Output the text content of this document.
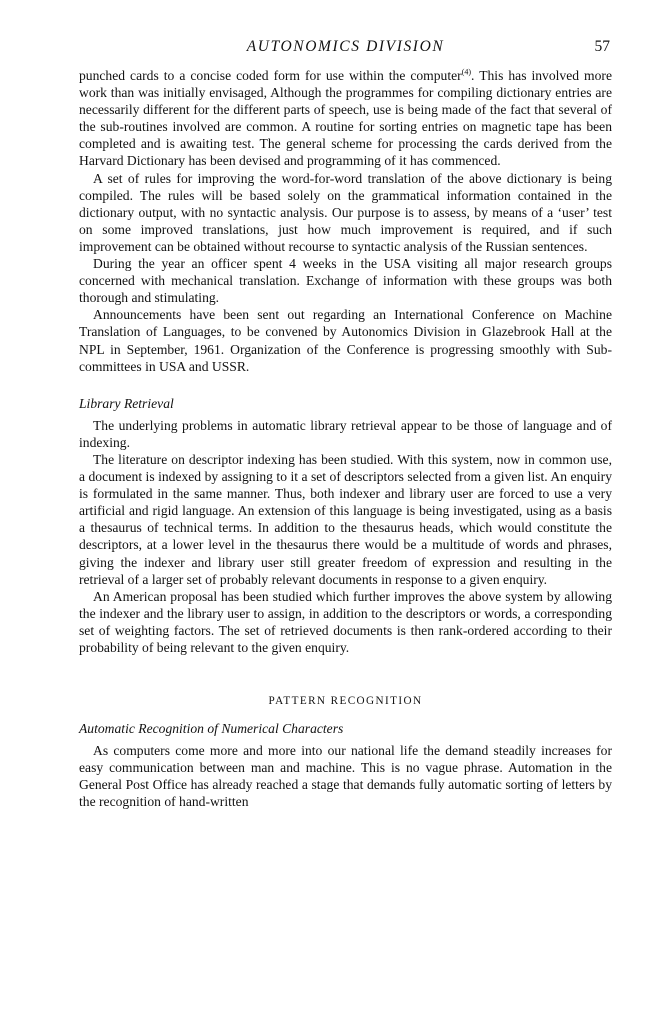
AUTONOMICS DIVISION	57

punched cards to a concise coded form for use within the computer$^{(4)}$. This has involved more work than was initially envisaged, Although the programmes for compiling dictionary entries are necessarily different for the different parts of speech, use is being made of the fact that several of the sub-routines involved are common. A routine for sorting entries on magnetic tape has been completed and is awaiting test. The general scheme for processing the cards derived from the Harvard Dictionary has been devised and programming of it has commenced.

A set of rules for improving the word-for-word translation of the above dictionary is being compiled. The rules will be based solely on the grammatical information contained in the dictionary output, with no syntactic analysis. Our purpose is to assess, by means of a ‘user’ test on some improved translations, just how much improvement is required, and if such improvement can be obtained without recourse to syntactic analysis of the Russian sentences.

During the year an officer spent 4 weeks in the USA visiting all major research groups concerned with mechanical translation. Exchange of information with these groups was both thorough and stimulating.

Announcements have been sent out regarding an International Conference on Machine Translation of Languages, to be convened by Autonomics Division in Glazebrook Hall at the NPL in September, 1961. Organization of the Conference is progressing smoothly with Sub-committees in USA and USSR.

Library Retrieval

The underlying problems in automatic library retrieval appear to be those of language and of indexing.

The literature on descriptor indexing has been studied. With this system, now in common use, a document is indexed by assigning to it a set of descriptors selected from a given list. An enquiry is formulated in the same manner. Thus, both indexer and library user are forced to use a very artificial and rigid language. An extension of this language is being investigated, using as a basis a thesaurus of technical terms. In addition to the thesaurus heads, which would constitute the descriptors, at a lower level in the thesaurus there would be a multitude of words and phrases, giving the indexer and library user still greater freedom of expression and resulting in the retrieval of a larger set of probably relevant documents in response to a given enquiry.

An American proposal has been studied which further improves the above system by allowing the indexer and the library user to assign, in addition to the descriptors or words, a corresponding set of weighting factors. The set of retrieved documents is then rank-ordered according to their probability of being relevant to the given enquiry.

PATTERN RECOGNITION
Automatic Recognition of Numerical Characters

As computers come more and more into our national life the demand steadily increases for easy communication between man and machine. This is no vague phrase. Automation in the General Post Office has already reached a stage that demands fully automatic sorting of letters by the recognition of hand-written
